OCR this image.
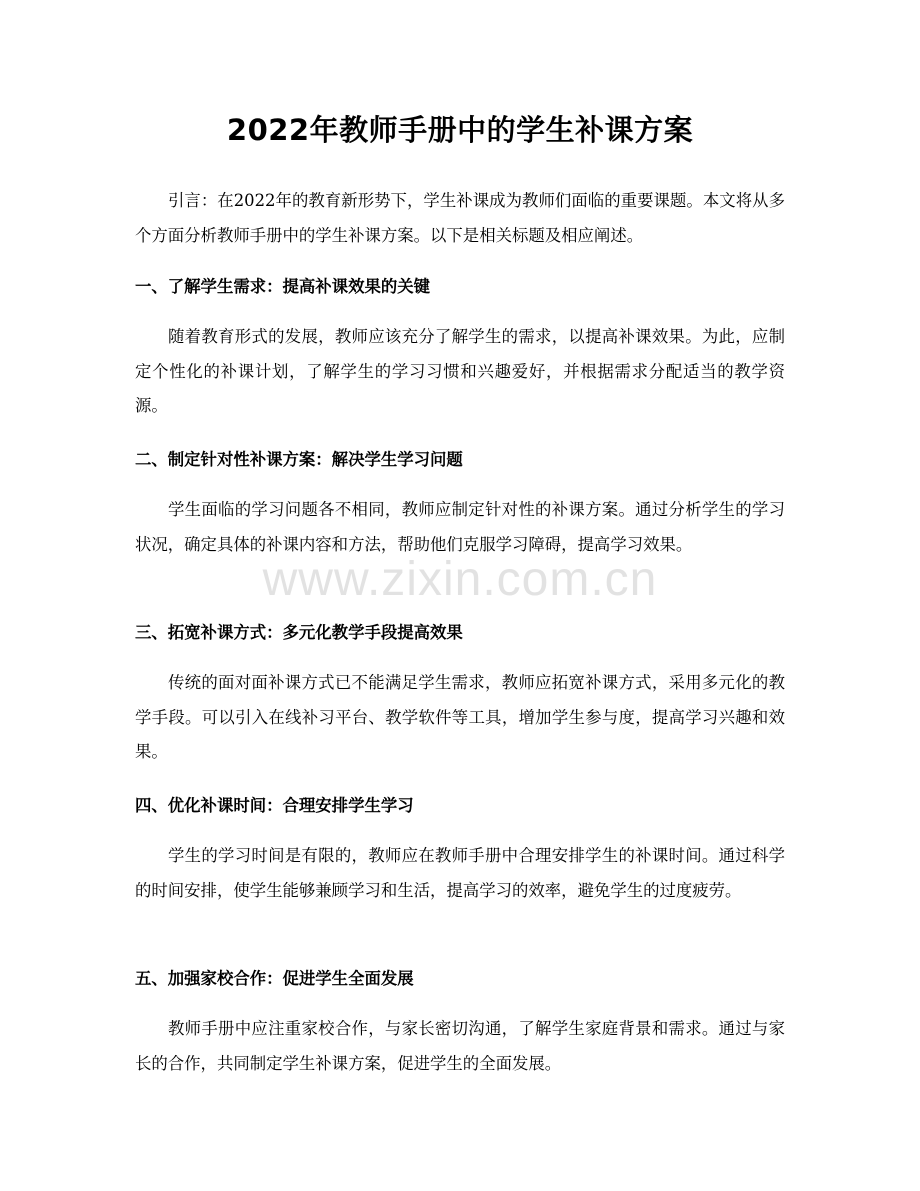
2022年教师手册中的学生补课方案
引言：在2022年的教育新形势下，学生补课成为教师们面临的重要课题。本文将从多个方面分析教师手册中的学生补课方案。以下是相关标题及相应阐述。
一、了解学生需求：提高补课效果的关键
随着教育形式的发展，教师应该充分了解学生的需求，以提高补课效果。为此，应制定个性化的补课计划，了解学生的学习习惯和兴趣爱好，并根据需求分配适当的教学资源。
二、制定针对性补课方案：解决学生学习问题
学生面临的学习问题各不相同，教师应制定针对性的补课方案。通过分析学生的学习状况，确定具体的补课内容和方法，帮助他们克服学习障碍，提高学习效果。
三、拓宽补课方式：多元化教学手段提高效果
传统的面对面补课方式已不能满足学生需求，教师应拓宽补课方式，采用多元化的教学手段。可以引入在线补习平台、教学软件等工具，增加学生参与度，提高学习兴趣和效果。
四、优化补课时间：合理安排学生学习
学生的学习时间是有限的，教师应在教师手册中合理安排学生的补课时间。通过科学的时间安排，使学生能够兼顾学习和生活，提高学习的效率，避免学生的过度疲劳。
五、加强家校合作：促进学生全面发展
教师手册中应注重家校合作，与家长密切沟通，了解学生家庭背景和需求。通过与家长的合作，共同制定学生补课方案，促进学生的全面发展。
www.zixin.com.cn
